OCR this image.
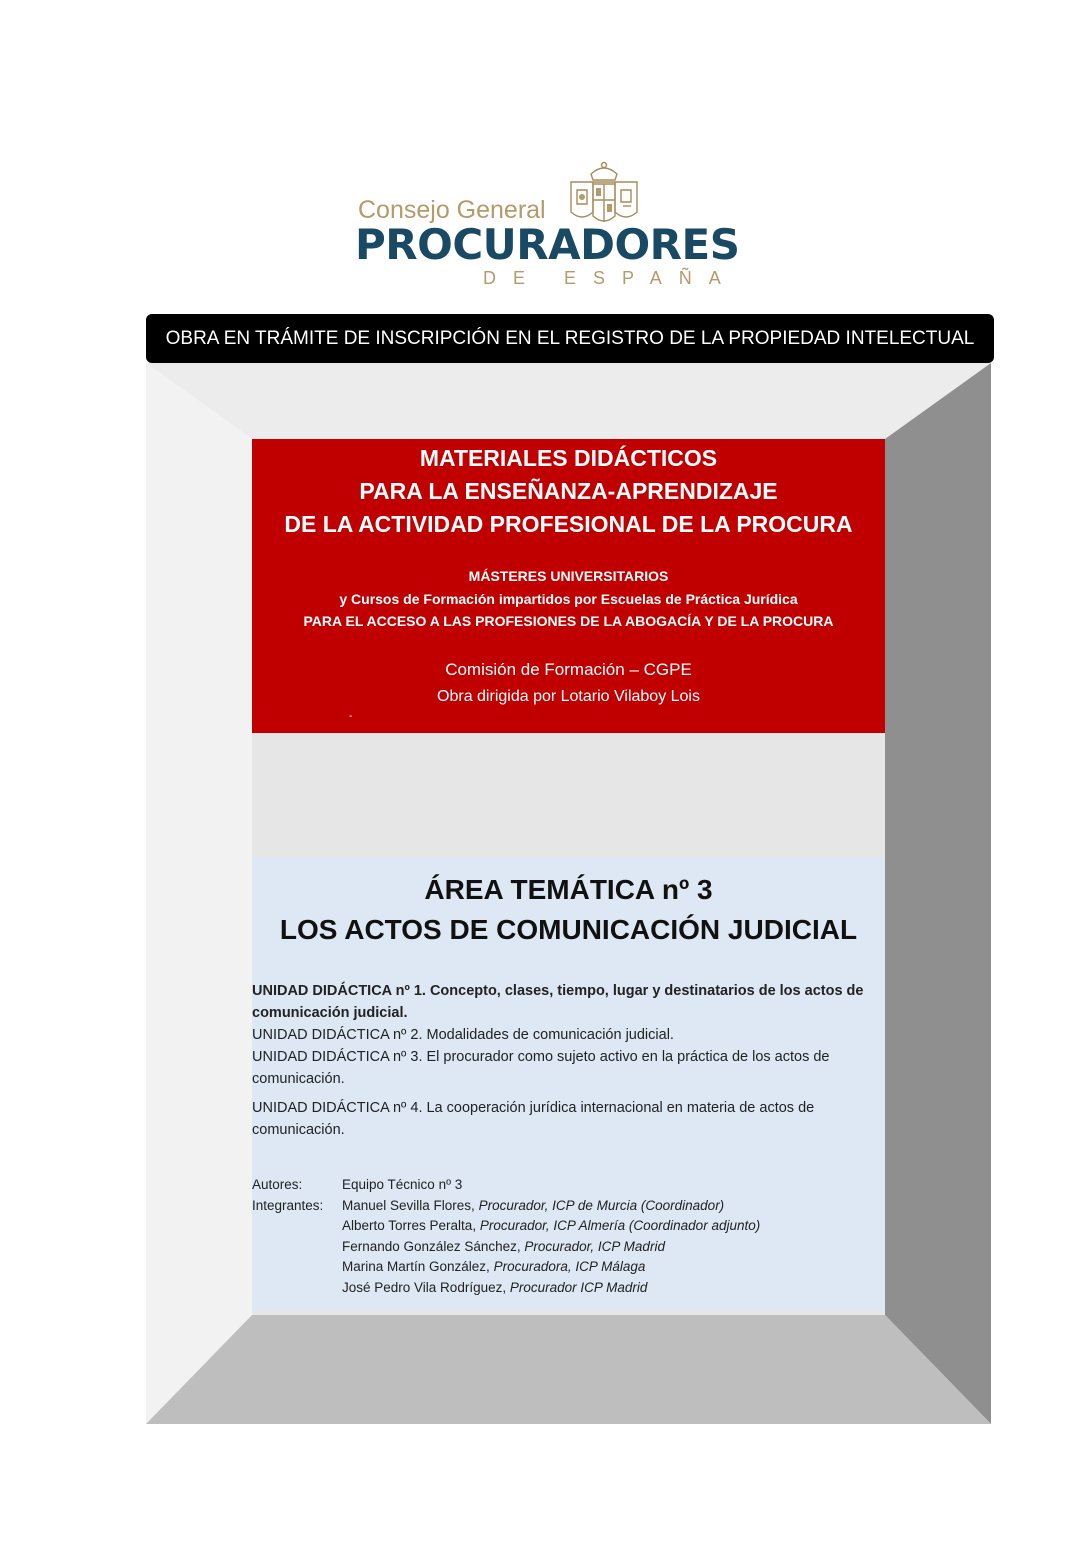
Consejo General
PROCURADORES
DE ESPAÑA
OBRA EN TRÁMITE DE INSCRIPCIÓN EN EL REGISTRO DE LA PROPIEDAD INTELECTUAL
MATERIALES DIDÁCTICOS
PARA LA ENSEÑANZA-APRENDIZAJE
DE LA ACTIVIDAD PROFESIONAL DE LA PROCURA
MÁSTERES UNIVERSITARIOS
y Cursos de Formación impartidos por Escuelas de Práctica Jurídica
PARA EL ACCESO A LAS PROFESIONES DE LA ABOGACÍA Y DE LA PROCURA
Comisión de Formación – CGPE
Obra dirigida por Lotario Vilaboy Lois
-
ÁREA TEMÁTICA nº 3
LOS ACTOS DE COMUNICACIÓN JUDICIAL
UNIDAD DIDÁCTICA nº 1. Concepto, clases, tiempo, lugar y destinatarios de los actos de comunicación judicial.
UNIDAD DIDÁCTICA nº 2. Modalidades de comunicación judicial.
UNIDAD DIDÁCTICA nº 3. El procurador como sujeto activo en la práctica de los actos de comunicación.
UNIDAD DIDÁCTICA nº 4. La cooperación jurídica internacional en materia de actos de comunicación.
Autores:	Equipo Técnico nº 3
Integrantes: Manuel Sevilla Flores, Procurador, ICP de Murcia (Coordinador)
Alberto Torres Peralta, Procurador, ICP Almería (Coordinador adjunto)
Fernando González Sánchez, Procurador, ICP Madrid
Marina Martín González, Procuradora, ICP Málaga
José Pedro Vila Rodríguez, Procurador ICP Madrid
